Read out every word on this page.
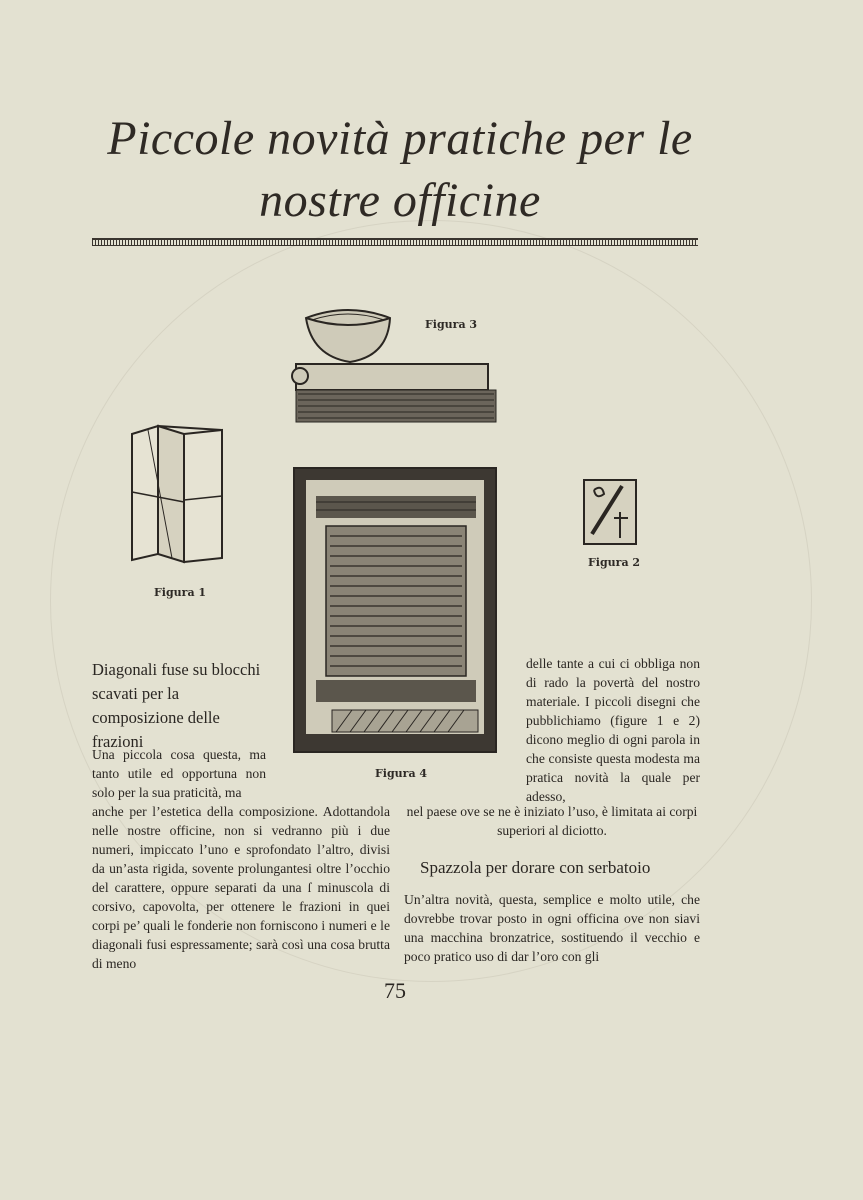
Piccole novità pratiche per le nostre officine
Figura 3
Figura 1
Figura 4
Figura 2
Diagonali fuse su blocchi scavati per la composizione delle frazioni

Una piccola cosa questa, ma tanto utile ed opportuna non solo per la sua praticità, ma

anche per l’estetica della composizione. Adottandola nelle nostre officine, non si vedranno più i due numeri, impiccato l’uno e sprofondato l’altro, divisi da un’asta rigida, sovente prolungantesi oltre l’occhio del carattere, oppure separati da una ſ minuscola di corsivo, capovolta, per ottenere le frazioni in quei corpi pe’ quali le fonderie non forniscono i numeri e le diagonali fusi espressamente; sarà così una cosa brutta di meno

delle tante a cui ci obbliga non di rado la povertà del nostro materiale. I piccoli disegni che pubblichiamo (figure 1 e 2) dicono meglio di ogni parola in che consiste questa modesta ma pratica novità la quale per adesso,

nel paese ove se ne è iniziato l’uso, è limitata ai corpi superiori al diciotto.

Spazzola per dorare con serbatoio

Un’altra novità, questa, semplice e molto utile, che dovrebbe trovar posto in ogni officina ove non siavi una macchina bronzatrice, sostituendo il vecchio e poco pratico uso di dar l’oro con gli

75
